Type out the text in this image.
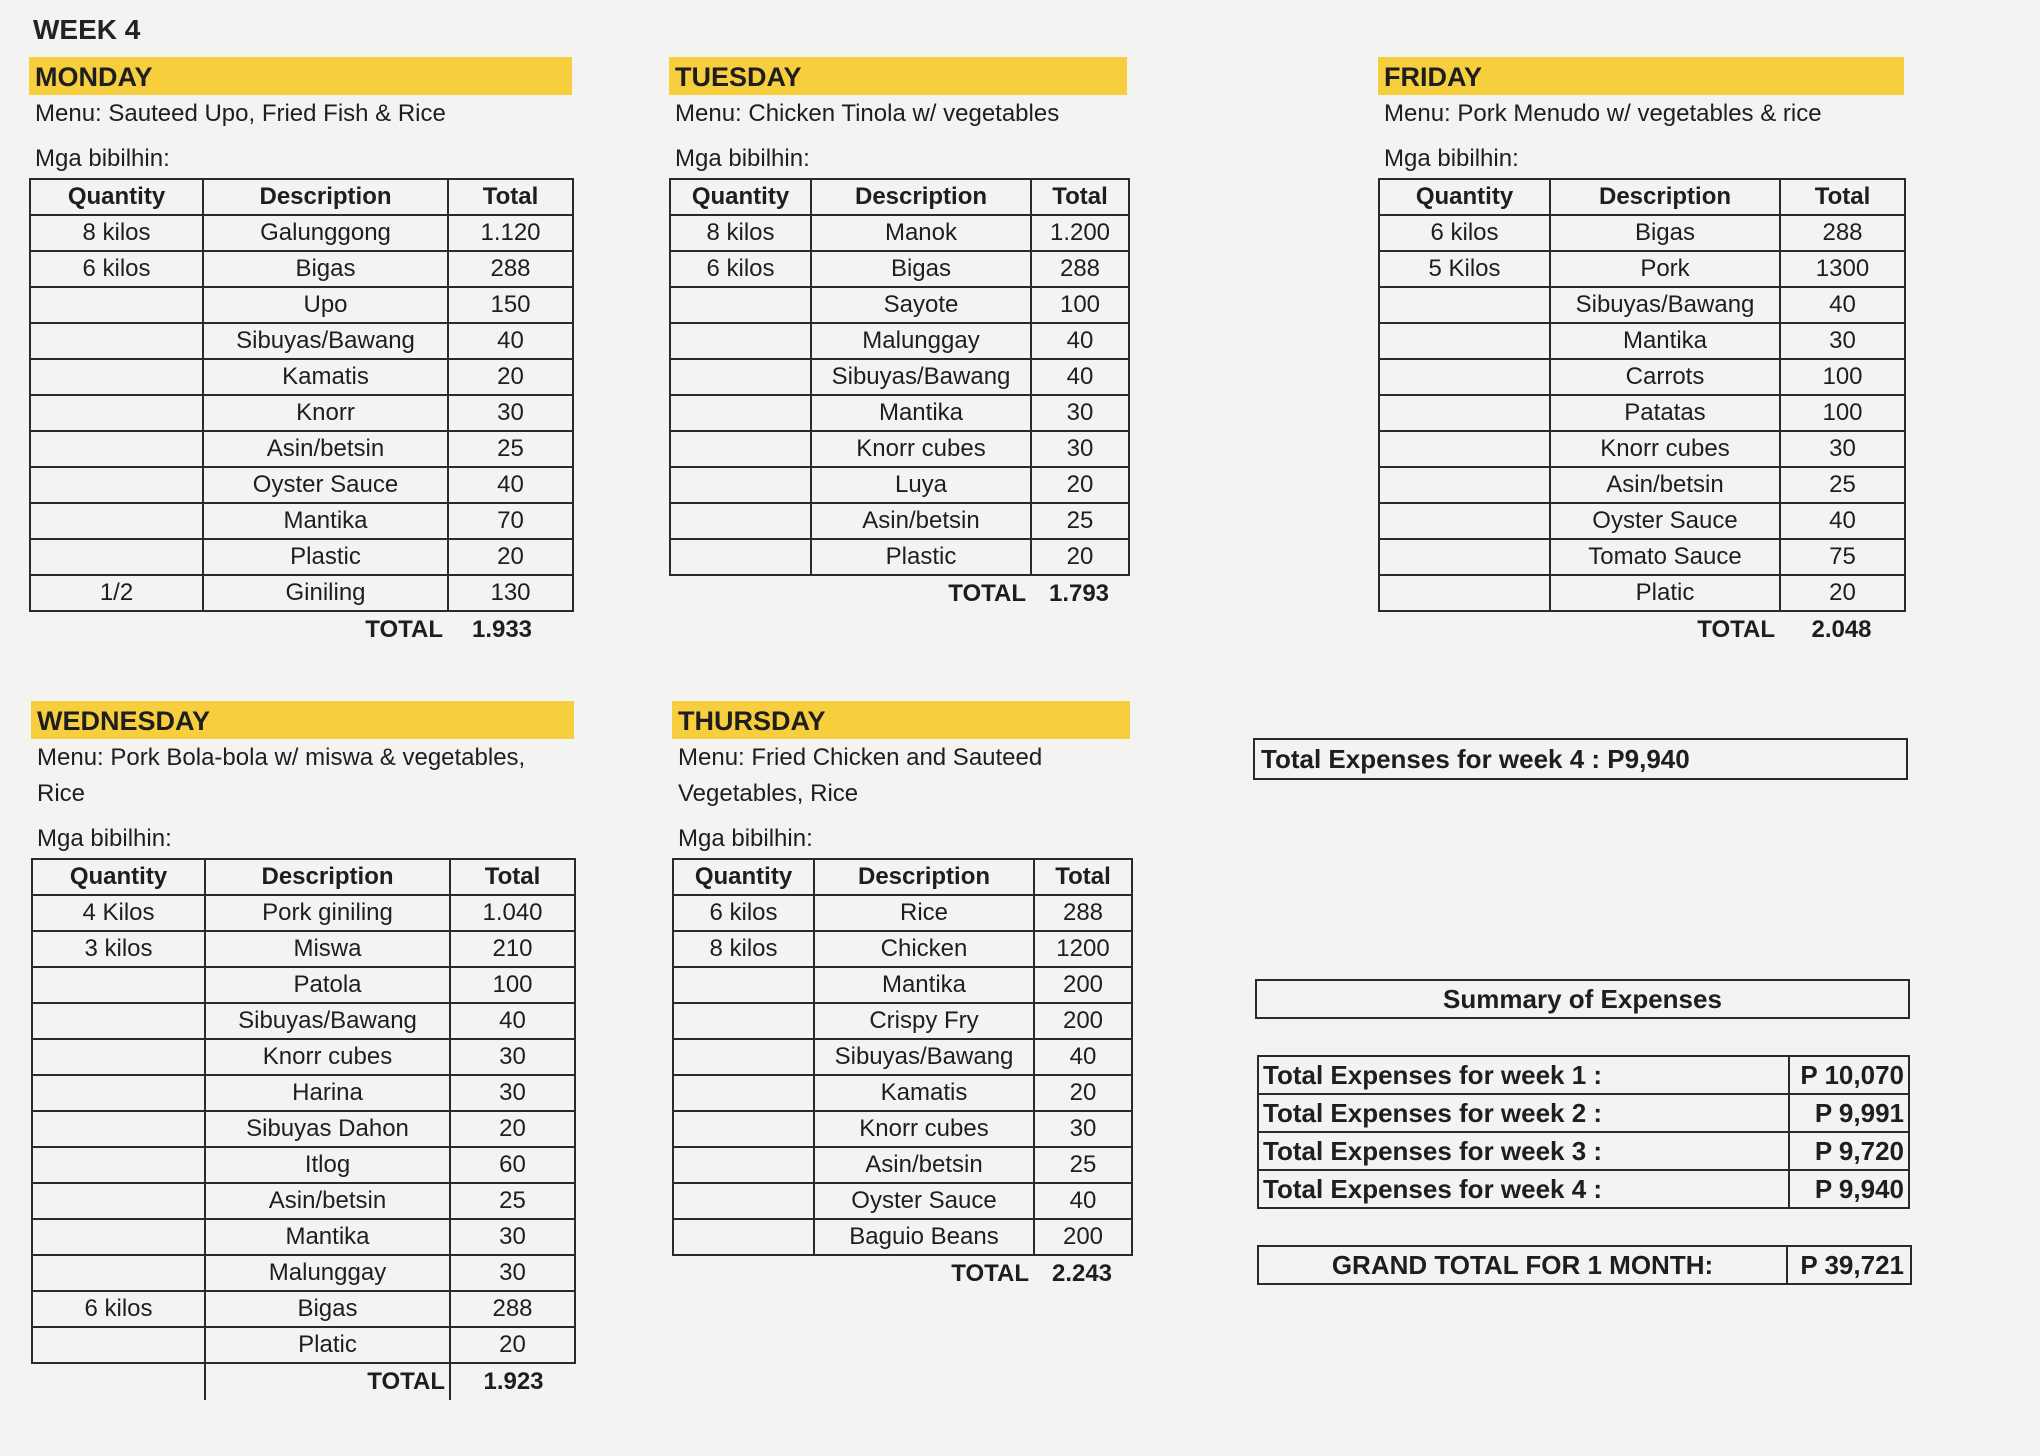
WEEK 4
MONDAY
Menu: Sauteed Upo, Fried Fish & Rice
Mga bibilhin:
Quantity	Description	Total
8 kilos	Galunggong	1.120
6 kilos	Bigas	288
	Upo	150
	Sibuyas/Bawang	40
	Kamatis	20
	Knorr	30
	Asin/betsin	25
	Oyster Sauce	40
	Mantika	70
	Plastic	20
1/2	Giniling	130
TOTAL	1.933
TUESDAY
Menu: Chicken Tinola w/ vegetables
Mga bibilhin:
Quantity	Description	Total
8 kilos	Manok	1.200
6 kilos	Bigas	288
	Sayote	100
	Malunggay	40
	Sibuyas/Bawang	40
	Mantika	30
	Knorr cubes	30
	Luya	20
	Asin/betsin	25
	Plastic	20
TOTAL 1.793
FRIDAY
Menu: Pork Menudo w/ vegetables & rice
Mga bibilhin:
Quantity	Description	Total
6 kilos	Bigas	288
5 Kilos	Pork	1300
	Sibuyas/Bawang	40
	Mantika	30
	Carrots	100
	Patatas	100
	Knorr cubes	30
	Asin/betsin	25
	Oyster Sauce	40
	Tomato Sauce	75
	Platic	20
TOTAL	2.048
WEDNESDAY
Menu: Pork Bola-bola w/ miswa & vegetables,
Rice
Mga bibilhin:
Quantity	Description	Total
4 Kilos	Pork giniling	1.040
3 kilos	Miswa	210
	Patola	100
	Sibuyas/Bawang	40
	Knorr cubes	30
	Harina	30
	Sibuyas Dahon	20
	Itlog	60
	Asin/betsin	25
	Mantika	30
	Malunggay	30
6 kilos	Bigas	288
	Platic	20
TOTAL	1.923
THURSDAY
Menu: Fried Chicken and Sauteed
Vegetables, Rice
Mga bibilhin:
Quantity	Description	Total
6 kilos	Rice	288
8 kilos	Chicken	1200
	Mantika	200
	Crispy Fry	200
	Sibuyas/Bawang	40
	Kamatis	20
	Knorr cubes	30
	Asin/betsin	25
	Oyster Sauce	40
	Baguio Beans	200
TOTAL 2.243
Total Expenses for week 4 : P9,940
Summary of Expenses
Total Expenses for week 1 :	P 10,070
Total Expenses for week 2 :	P 9,991
Total Expenses for week 3 :	P 9,720
Total Expenses for week 4 :	P 9,940
GRAND TOTAL FOR 1 MONTH:	P 39,721
